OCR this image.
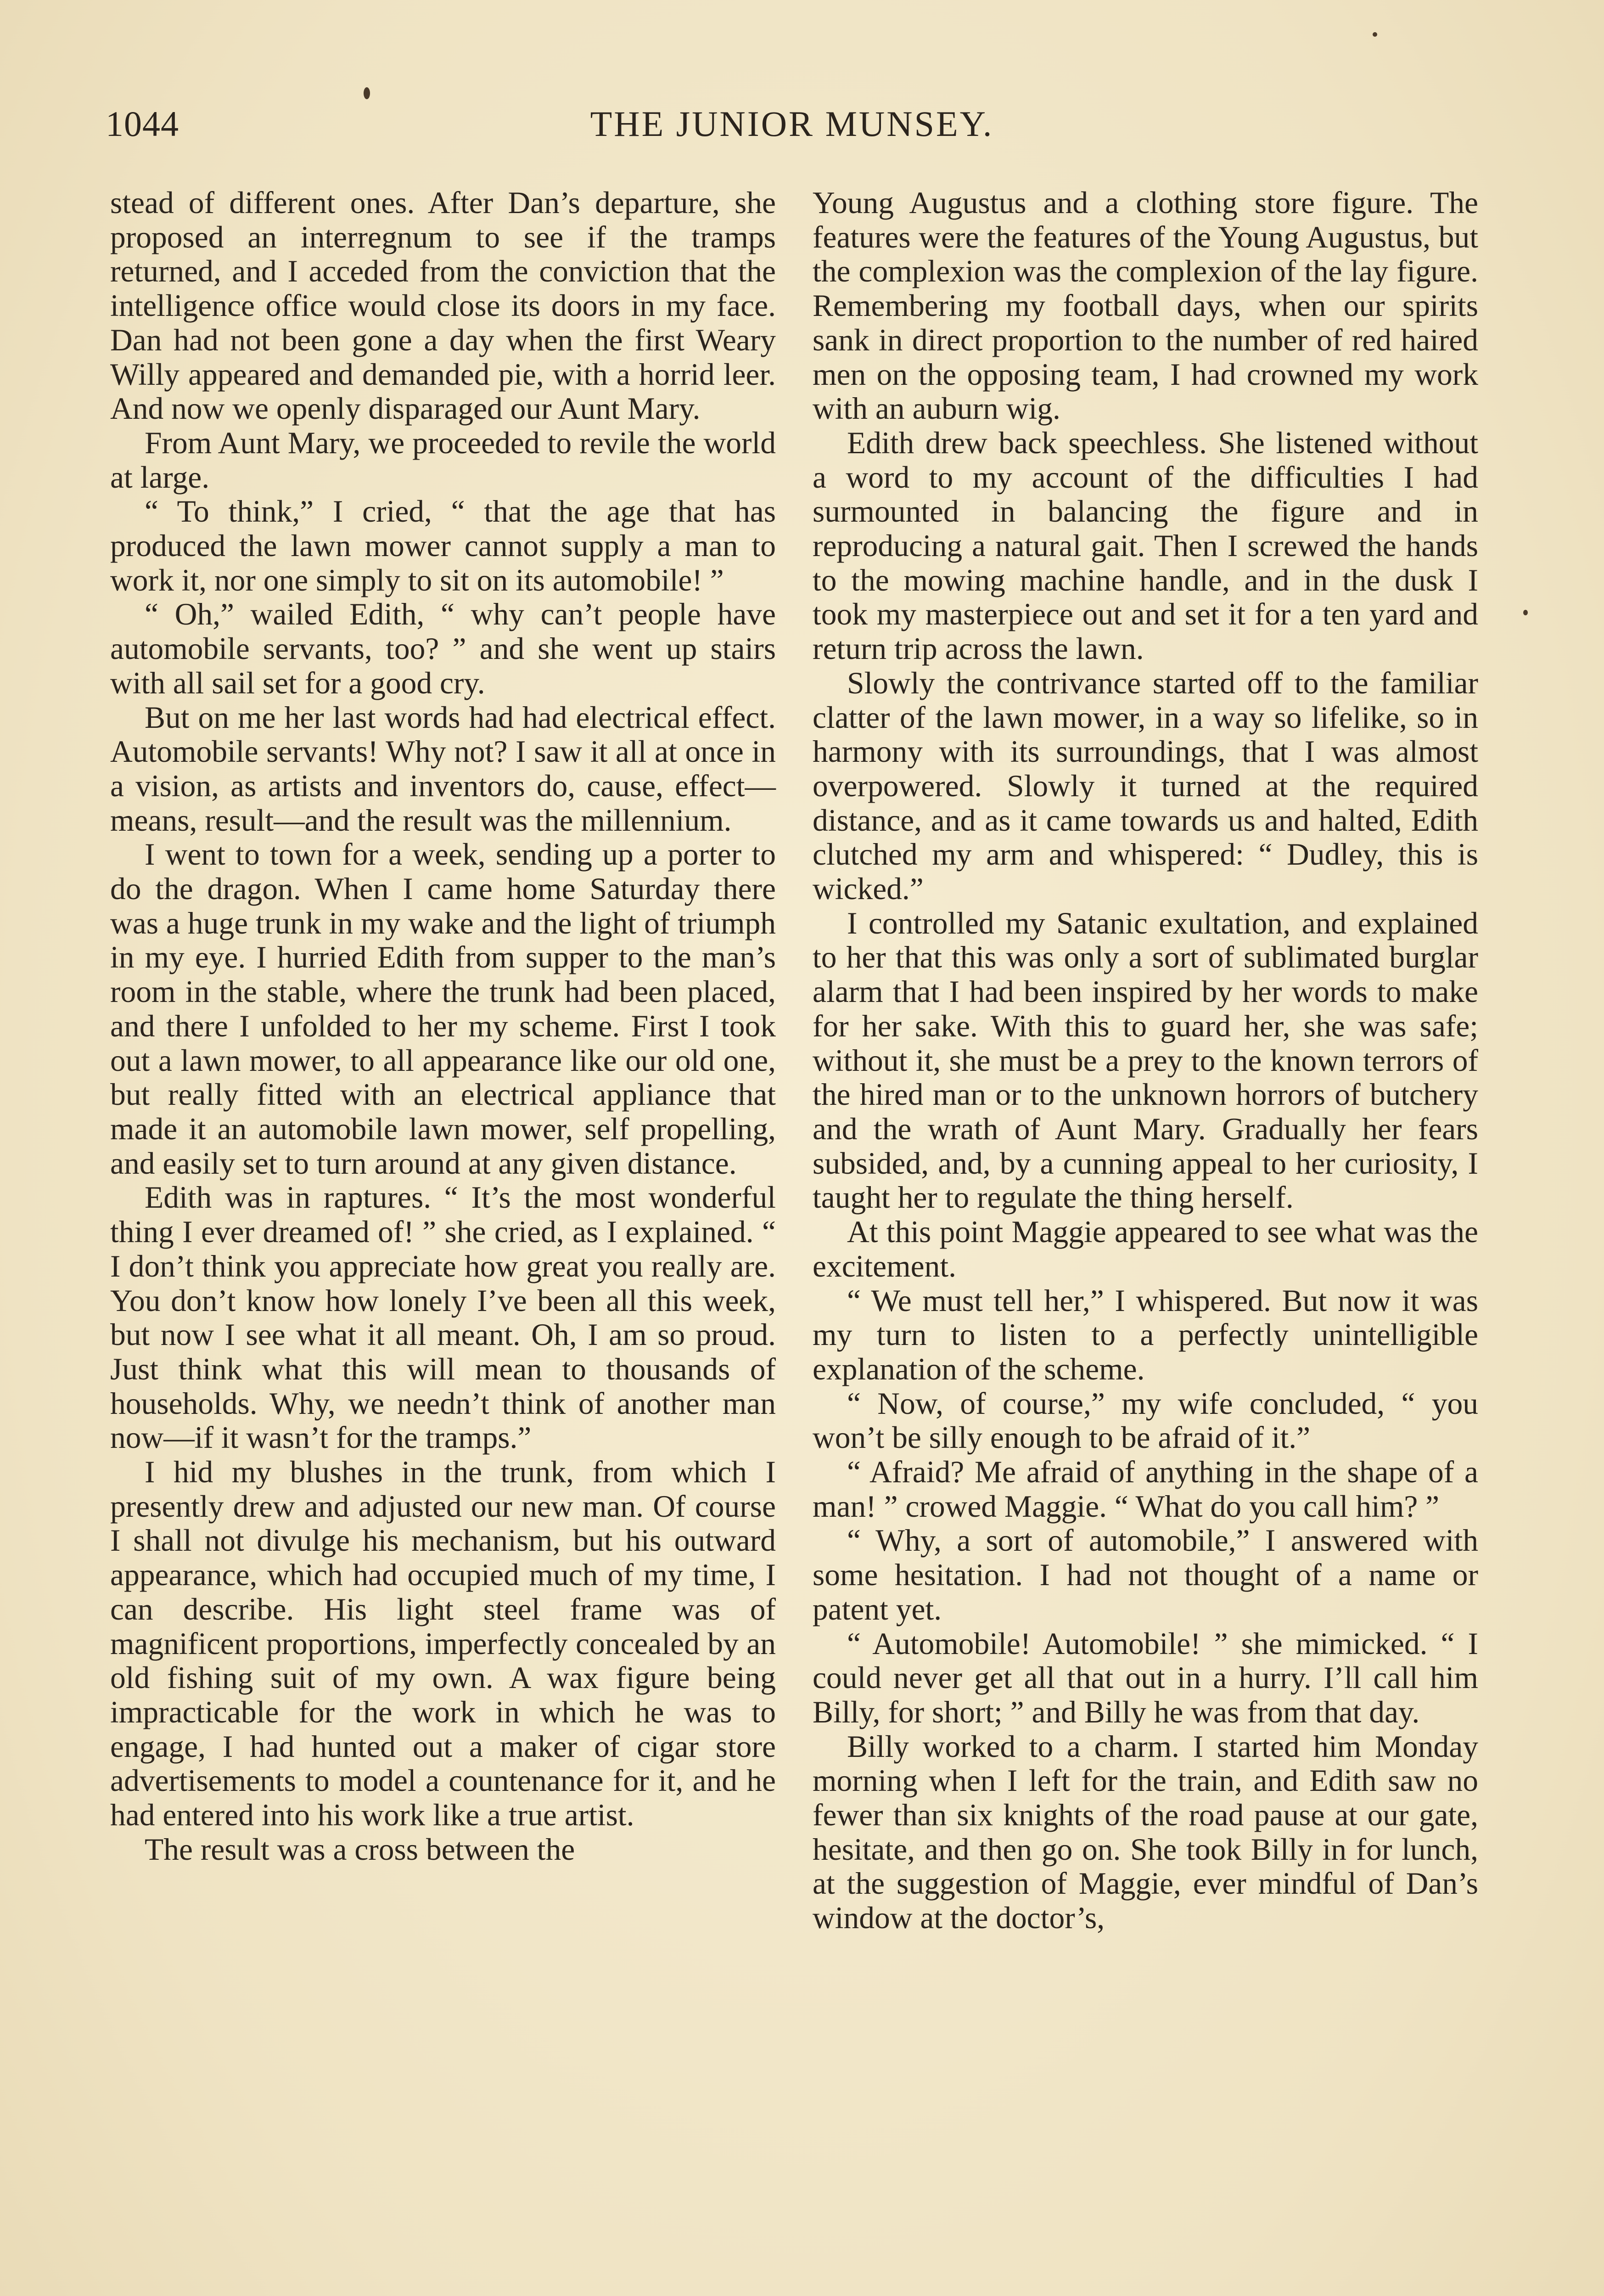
1044	THE JUNIOR MUNSEY.

stead of different ones. After Dan’s departure, she proposed an interregnum to see if the tramps returned, and I acceded from the conviction that the intelligence office would close its doors in my face. Dan had not been gone a day when the first Weary Willy appeared and demanded pie, with a horrid leer. And now we openly disparaged our Aunt Mary.

From Aunt Mary, we proceeded to revile the world at large.

“ To think,” I cried, “ that the age that has produced the lawn mower cannot supply a man to work it, nor one simply to sit on its automobile! ”

“ Oh,” wailed Edith, “ why can’t people have automobile servants, too? ” and she went up stairs with all sail set for a good cry.

But on me her last words had had electrical effect. Automobile servants! Why not? I saw it all at once in a vision, as artists and inventors do, cause, effect—means, result—and the result was the millennium.

I went to town for a week, sending up a porter to do the dragon. When I came home Saturday there was a huge trunk in my wake and the light of triumph in my eye. I hurried Edith from supper to the man’s room in the stable, where the trunk had been placed, and there I unfolded to her my scheme. First I took out a lawn mower, to all appearance like our old one, but really fitted with an electrical appliance that made it an automobile lawn mower, self propelling, and easily set to turn around at any given distance.

Edith was in raptures. “ It’s the most wonderful thing I ever dreamed of! ” she cried, as I explained. “ I don’t think you appreciate how great you really are. You don’t know how lonely I’ve been all this week, but now I see what it all meant. Oh, I am so proud. Just think what this will mean to thousands of households. Why, we needn’t think of another man now—if it wasn’t for the tramps.”

I hid my blushes in the trunk, from which I presently drew and adjusted our new man. Of course I shall not divulge his mechanism, but his outward appearance, which had occupied much of my time, I can describe. His light steel frame was of magnificent proportions, imperfectly concealed by an old fishing suit of my own. A wax figure being impracticable for the work in which he was to engage, I had hunted out a maker of cigar store advertisements to model a countenance for it, and he had entered into his work like a true artist.

The result was a cross between the

Young Augustus and a clothing store figure. The features were the features of the Young Augustus, but the complexion was the complexion of the lay figure. Remembering my football days, when our spirits sank in direct proportion to the number of red haired men on the opposing team, I had crowned my work with an auburn wig.

Edith drew back speechless. She listened without a word to my account of the difficulties I had surmounted in balancing the figure and in reproducing a natural gait. Then I screwed the hands to the mowing machine handle, and in the dusk I took my masterpiece out and set it for a ten yard and return trip across the lawn.

Slowly the contrivance started off to the familiar clatter of the lawn mower, in a way so lifelike, so in harmony with its surroundings, that I was almost overpowered. Slowly it turned at the required distance, and as it came towards us and halted, Edith clutched my arm and whispered: “ Dudley, this is wicked.”

I controlled my Satanic exultation, and explained to her that this was only a sort of sublimated burglar alarm that I had been inspired by her words to make for her sake. With this to guard her, she was safe; without it, she must be a prey to the known terrors of the hired man or to the unknown horrors of butchery and the wrath of Aunt Mary. Gradually her fears subsided, and, by a cunning appeal to her curiosity, I taught her to regulate the thing herself.

At this point Maggie appeared to see what was the excitement.

“ We must tell her,” I whispered. But now it was my turn to listen to a perfectly unintelligible explanation of the scheme.

“ Now, of course,” my wife concluded, “ you won’t be silly enough to be afraid of it.”

“ Afraid? Me afraid of anything in the shape of a man! ” crowed Maggie. “ What do you call him? ”

“ Why, a sort of automobile,” I answered with some hesitation. I had not thought of a name or patent yet.

“ Automobile! Automobile! ” she mimicked. “ I could never get all that out in a hurry. I’ll call him Billy, for short; ” and Billy he was from that day.

Billy worked to a charm. I started him Monday morning when I left for the train, and Edith saw no fewer than six knights of the road pause at our gate, hesitate, and then go on. She took Billy in for lunch, at the suggestion of Maggie, ever mindful of Dan’s window at the doctor’s,
